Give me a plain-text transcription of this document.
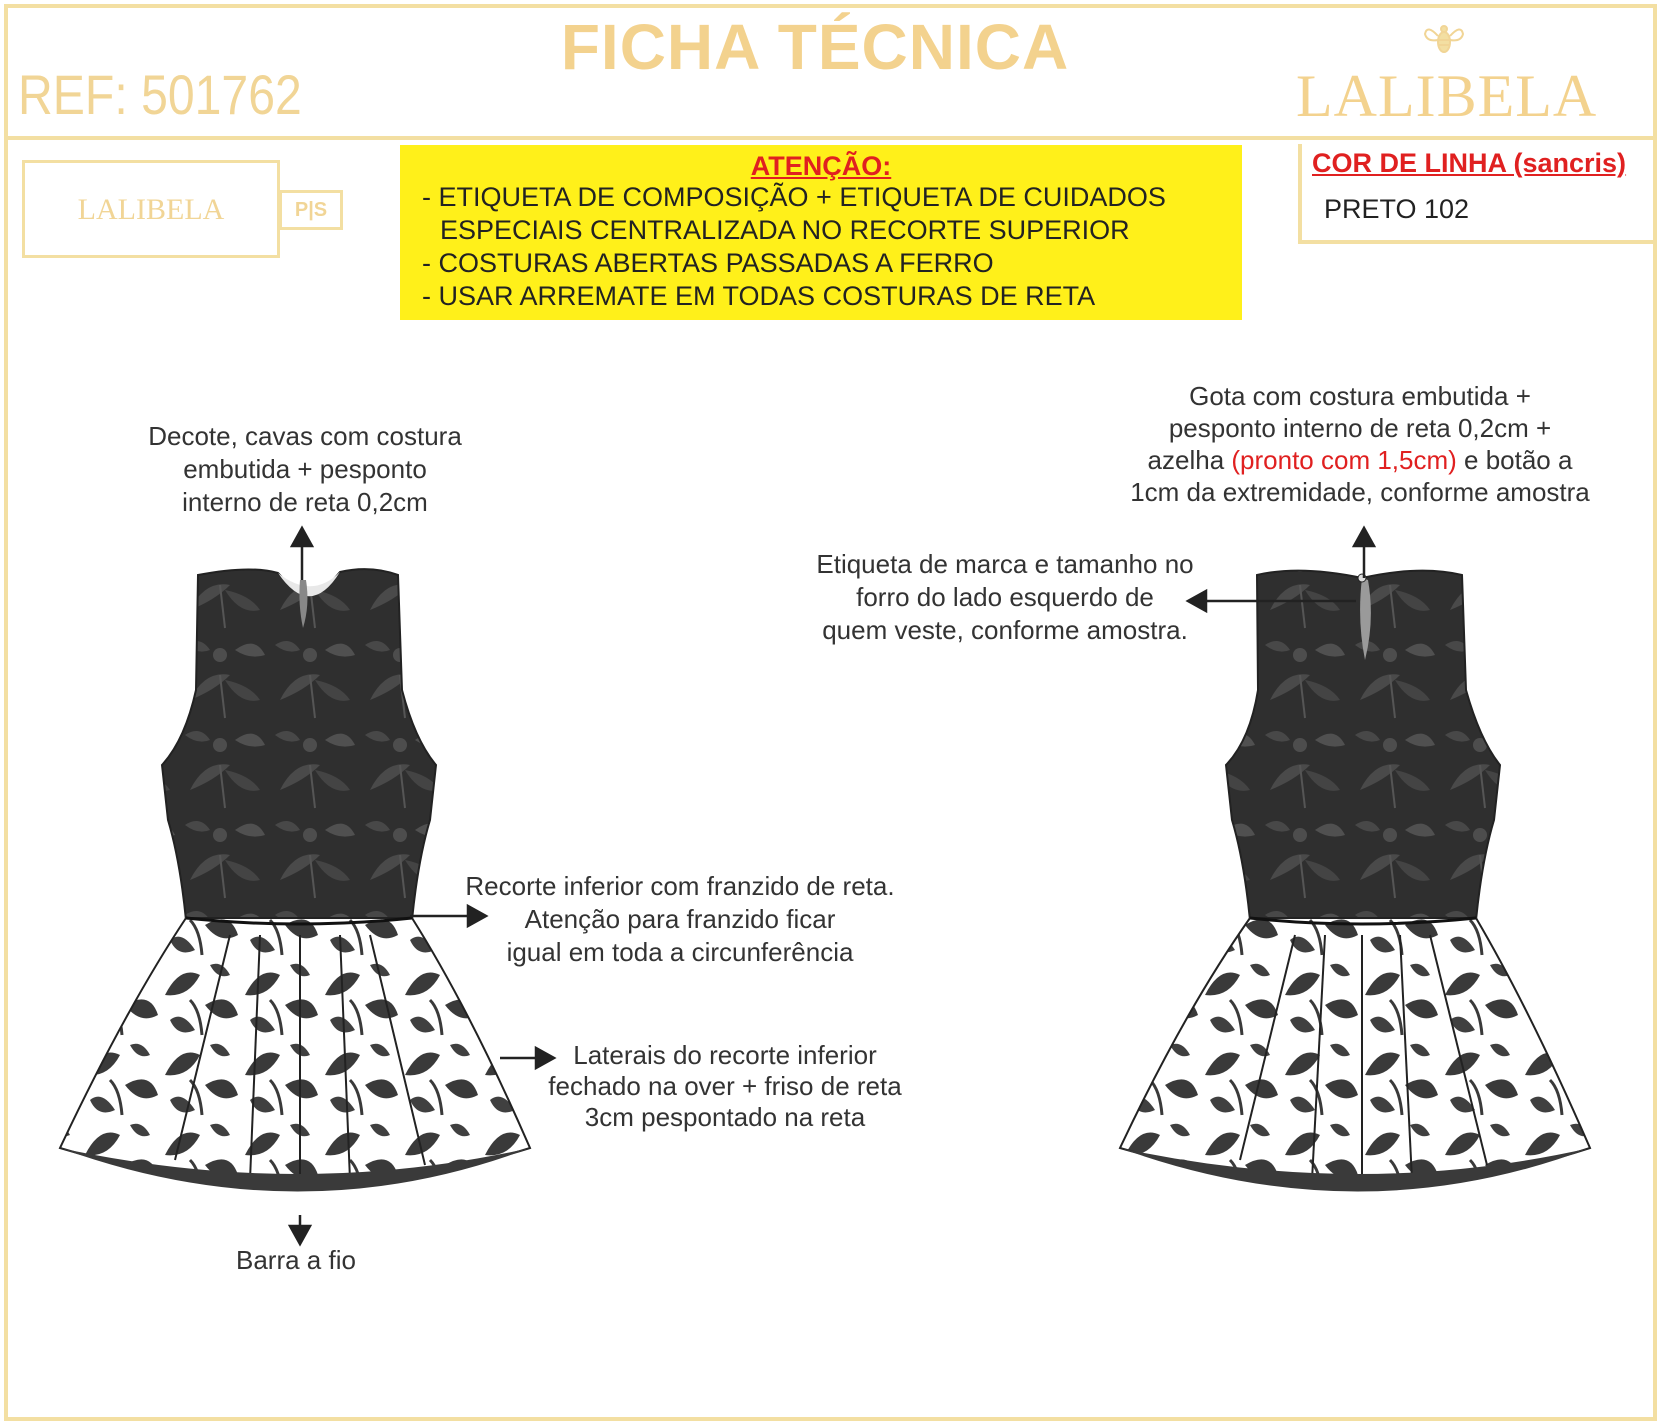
FICHA TÉCNICA
REF: 501762	LALIBELA
LALIBELA	P|S
ATENÇÃO:
- ETIQUETA DE COMPOSIÇÃO + ETIQUETA DE CUIDADOS
ESPECIAIS CENTRALIZADA NO RECORTE SUPERIOR
- COSTURAS ABERTAS PASSADAS A FERRO
- USAR ARREMATE EM TODAS COSTURAS DE RETA
COR DE LINHA (sancris)
PRETO 102
Decote, cavas com costura
embutida + pesponto
interno de reta 0,2cm
Recorte inferior com franzido de reta.
Atenção para franzido ficar
igual em toda a circunferência
Laterais do recorte inferior
fechado na over + friso de reta
3cm pespontado na reta
Barra a fio
Gota com costura embutida +
pesponto interno de reta 0,2cm +
azelha (pronto com 1,5cm) e botão a
1cm da extremidade, conforme amostra
Etiqueta de marca e tamanho no
forro do lado esquerdo de
quem veste, conforme amostra.
